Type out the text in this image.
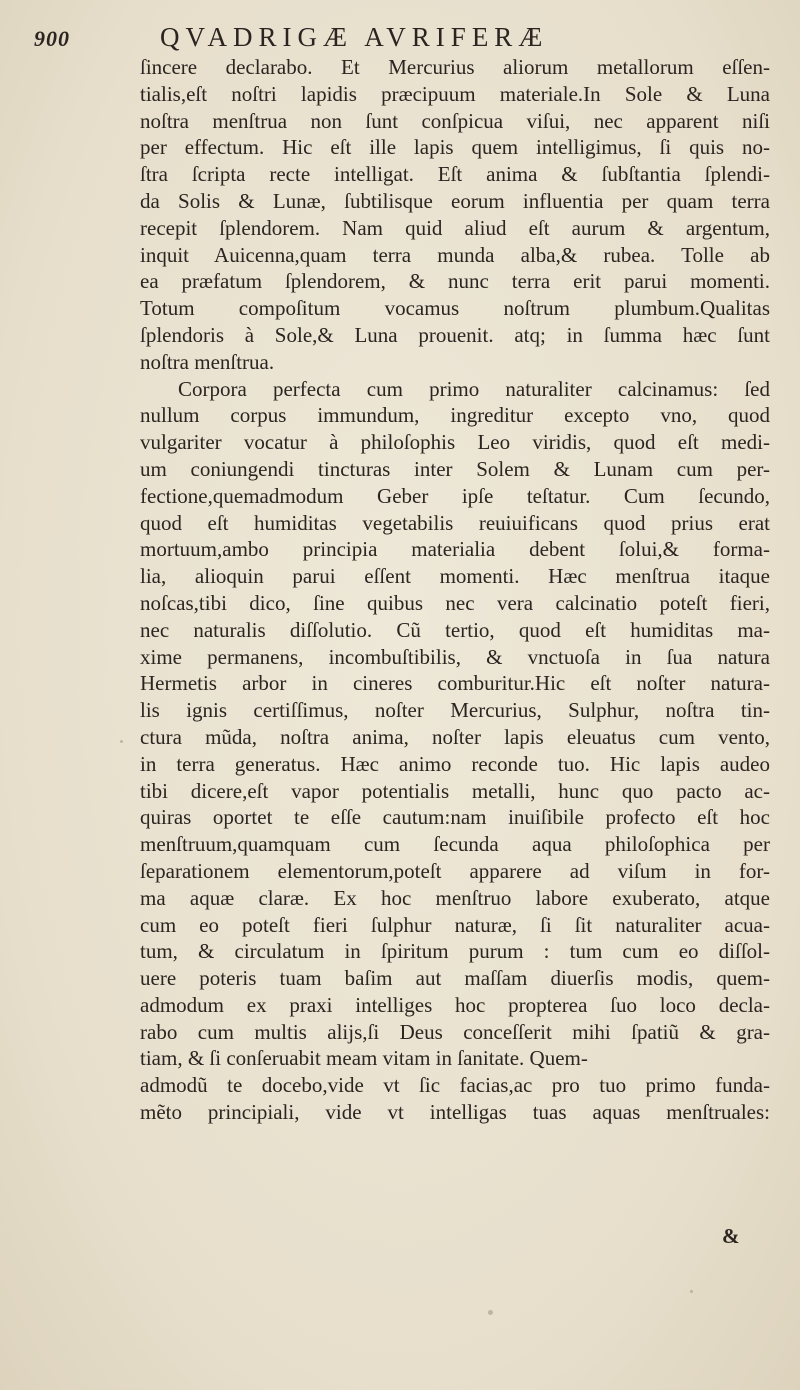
900	QVADRIGÆ AVRIFERÆ
ſincere declarabo. Et Mercurius aliorum metallorum eſſen-
tialis,eſt noſtri lapidis præcipuum materiale.In Sole & Luna
noſtra menſtrua non ſunt conſpicua viſui, nec apparent niſi
per effectum. Hic eſt ille lapis quem intelligimus, ſi quis no-
ſtra ſcripta recte intelligat. Eſt anima & ſubſtantia ſplendi-
da Solis & Lunæ, ſubtilisque eorum influentia per quam terra
recepit ſplendorem. Nam quid aliud eſt aurum & argentum,
inquit Auicenna,quam terra munda alba,& rubea. Tolle ab
ea præfatum ſplendorem, & nunc terra erit parui momenti.
Totum compoſitum vocamus noſtrum plumbum.Qualitas
ſplendoris à Sole,& Luna prouenit. atq; in ſumma hæc ſunt
noſtra menſtrua.
Corpora perfecta cum primo naturaliter calcinamus: ſed
nullum corpus immundum, ingreditur excepto vno, quod
vulgariter vocatur à philoſophis Leo viridis, quod eſt medi-
um coniungendi tincturas inter Solem & Lunam cum per-
fectione,quemadmodum Geber ipſe teſtatur. Cum ſecundo,
quod eſt humiditas vegetabilis reuiuificans quod prius erat
mortuum,ambo principia materialia debent ſolui,& forma-
lia, alioquin parui eſſent momenti. Hæc menſtrua itaque
noſcas,tibi dico, ſine quibus nec vera calcinatio poteſt fieri,
nec naturalis diſſolutio. Cũ tertio, quod eſt humiditas ma-
xime permanens, incombuſtibilis, & vnctuoſa in ſua natura
Hermetis arbor in cineres comburitur.Hic eſt noſter natura-
lis ignis certiſſimus, noſter Mercurius, Sulphur, noſtra tin-
ctura mũda, noſtra anima, noſter lapis eleuatus cum vento,
in terra generatus. Hæc animo reconde tuo. Hic lapis audeo
tibi dicere,eſt vapor potentialis metalli, hunc quo pacto ac-
quiras oportet te eſſe cautum:nam inuiſibile profecto eſt hoc
menſtruum,quamquam cum ſecunda aqua philoſophica per
ſeparationem elementorum,poteſt apparere ad viſum in for-
ma aquæ claræ. Ex hoc menſtruo labore exuberato, atque
cum eo poteſt fieri ſulphur naturæ, ſi ſit naturaliter acua-
tum, & circulatum in ſpiritum purum : tum cum eo diſſol-
uere poteris tuam baſim aut maſſam diuerſis modis, quem-
admodum ex praxi intelliges hoc propterea ſuo loco decla-
rabo cum multis alijs,ſi Deus conceſſerit mihi ſpatiũ & gra-
tiam, & ſi conſeruabit meam vitam in ſanitate. Quem-
admodũ te docebo,vide vt ſic facias,ac pro tuo primo funda-
mẽto principiali, vide vt intelligas tuas aquas menſtruales:
&
